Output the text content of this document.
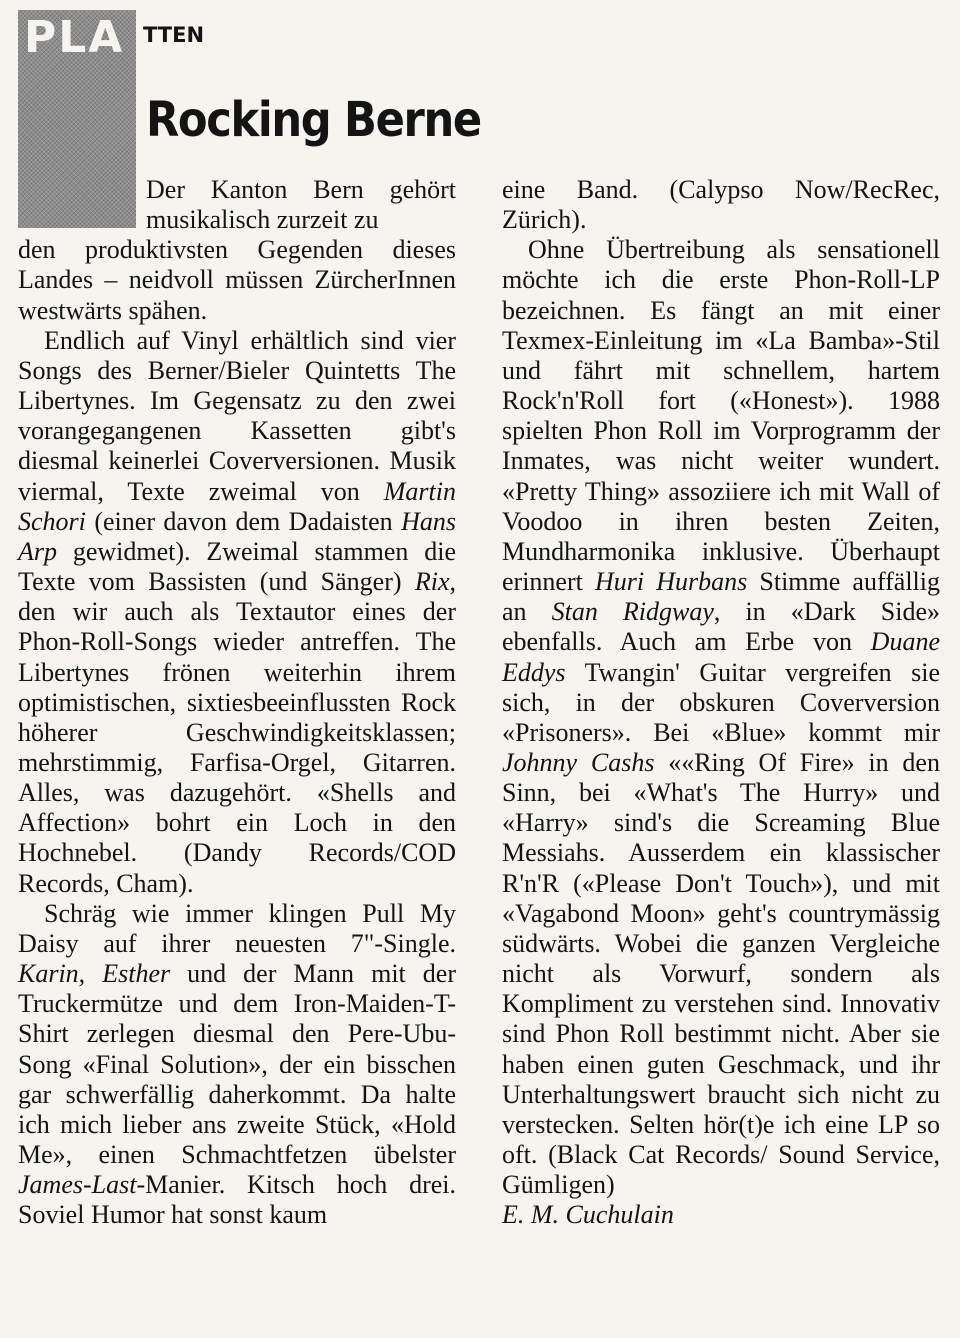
PLA TTEN
Rocking Berne

Der Kanton Bern gehört musikalisch zurzeit zu

den produktivsten Gegenden dieses Landes – neidvoll müssen ZürcherInnen westwärts spähen.

Endlich auf Vinyl erhältlich sind vier Songs des Berner/Bieler Quintetts The Libertynes. Im Gegensatz zu den zwei vorangegangenen Kassetten gibt's diesmal keinerlei Coverversionen. Musik viermal, Texte zweimal von Martin Schori (einer davon dem Dadaisten Hans Arp gewidmet). Zweimal stammen die Texte vom Bassisten (und Sänger) Rix, den wir auch als Textautor eines der Phon-Roll-Songs wieder antreffen. The Libertynes frönen weiterhin ihrem optimistischen, sixtiesbeeinflussten Rock höherer Geschwindigkeitsklassen; mehrstimmig, Farfisa-Orgel, Gitarren. Alles, was dazugehört. «Shells and Affection» bohrt ein Loch in den Hochnebel. (Dandy Records/COD Records, Cham).

Schräg wie immer klingen Pull My Daisy auf ihrer neuesten 7"-Single. Karin, Esther und der Mann mit der Truckermütze und dem Iron-Maiden-T-Shirt zerlegen diesmal den Pere-Ubu-Song «Final Solution», der ein bisschen gar schwerfällig daherkommt. Da halte ich mich lieber ans zweite Stück, «Hold Me», einen Schmachtfetzen übelster James-Last-Manier. Kitsch hoch drei. Soviel Humor hat sonst kaum

eine Band. (Calypso Now/RecRec, Zürich).

Ohne Übertreibung als sensationell möchte ich die erste Phon-Roll-LP bezeichnen. Es fängt an mit einer Texmex-Einleitung im «La Bamba»-Stil und fährt mit schnellem, hartem Rock'n'Roll fort («Honest»). 1988 spielten Phon Roll im Vorprogramm der Inmates, was nicht weiter wundert. «Pretty Thing» assoziiere ich mit Wall of Voodoo in ihren besten Zeiten, Mundharmonika inklusive. Überhaupt erinnert Huri Hurbans Stimme auffällig an Stan Ridgway, in «Dark Side» ebenfalls. Auch am Erbe von Duane Eddys Twangin' Guitar vergreifen sie sich, in der obskuren Coverversion «Prisoners». Bei «Blue» kommt mir Johnny Cashs ««Ring Of Fire» in den Sinn, bei «What's The Hurry» und «Harry» sind's die Screaming Blue Messiahs. Ausserdem ein klassischer R'n'R («Please Don't Touch»), und mit «Vagabond Moon» geht's countrymässig südwärts. Wobei die ganzen Vergleiche nicht als Vorwurf, sondern als Kompliment zu verstehen sind. Innovativ sind Phon Roll bestimmt nicht. Aber sie haben einen guten Geschmack, und ihr Unterhaltungswert braucht sich nicht zu verstecken. Selten hör(t)e ich eine LP so oft. (Black Cat Records/ Sound Service, Gümligen)

E. M. Cuchulain
